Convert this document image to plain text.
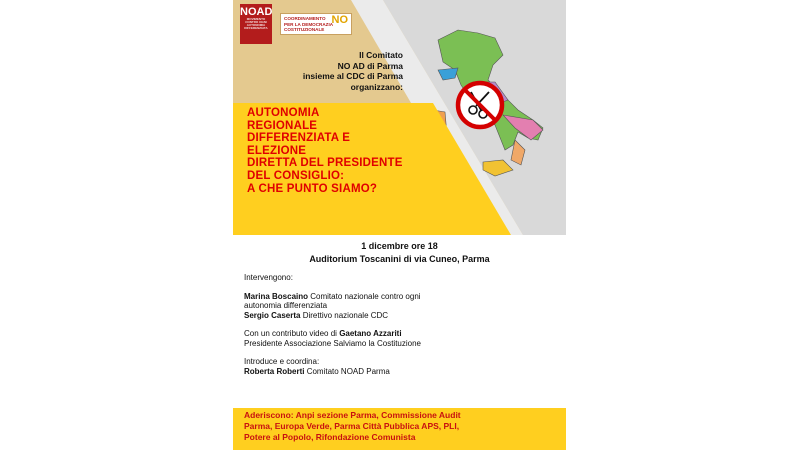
NOAD
MOVIMENTO CONTRO OGNI AUTONOMIA DIFFERENZIATA
COORDINAMENTO
PER LA DEMOCRAZIA
COSTITUZIONALE
NO
Il Comitato
NO AD di Parma
insieme al CDC di Parma
organizzano:
AUTONOMIA
REGIONALE
DIFFERENZIATA E
ELEZIONE
DIRETTA DEL PRESIDENTE
DEL CONSIGLIO:
A CHE PUNTO SIAMO?
1 dicembre ore 18
Auditorium Toscanini di via Cuneo, Parma
Intervengono:
Marina Boscaino Comitato nazionale contro ogni
autonomia differenziata
Sergio Caserta Direttivo nazionale CDC
Con un contributo video di Gaetano Azzariti
Presidente Associazione Salviamo la Costituzione
Introduce e coordina:
Roberta Roberti Comitato NOAD Parma
Aderiscono: Anpi sezione Parma, Commissione Audit
Parma, Europa Verde, Parma Città Pubblica APS, PLI,
Potere al Popolo, Rifondazione Comunista
